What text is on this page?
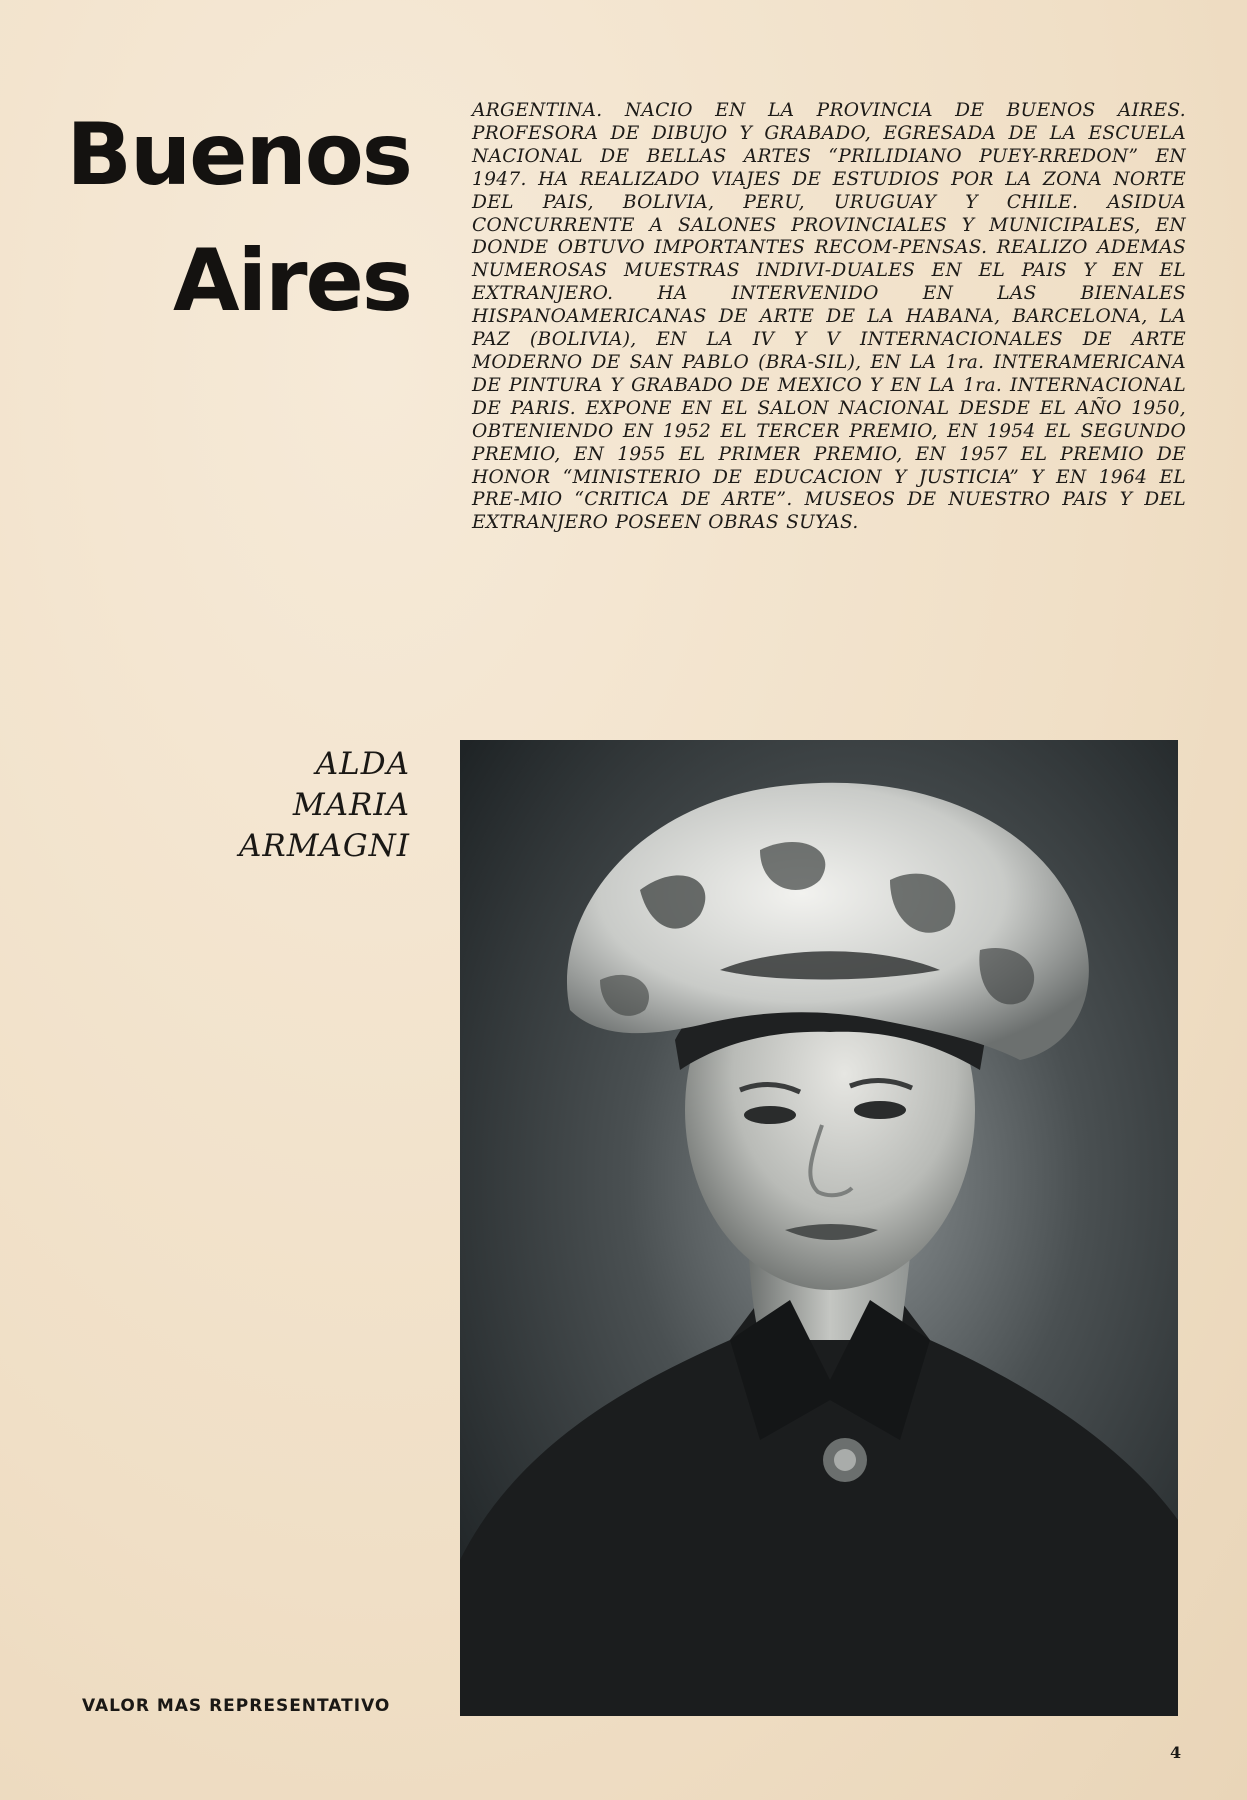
Buenos
Aires

ARGENTINA. NACIO EN LA PROVINCIA DE BUENOS AIRES. PROFESORA DE DIBUJO Y GRABADO, EGRESADA DE LA ESCUELA NACIONAL DE BELLAS ARTES “PRILIDIANO PUEY-RREDON” EN 1947. HA REALIZADO VIAJES DE ESTUDIOS POR LA ZONA NORTE DEL PAIS, BOLIVIA, PERU, URUGUAY Y CHILE. ASIDUA CONCURRENTE A SALONES PROVINCIALES Y MUNICIPALES, EN DONDE OBTUVO IMPORTANTES RECOM-PENSAS. REALIZO ADEMAS NUMEROSAS MUESTRAS INDIVI-DUALES EN EL PAIS Y EN EL EXTRANJERO. HA INTERVENIDO EN LAS BIENALES HISPANOAMERICANAS DE ARTE DE LA HABANA, BARCELONA, LA PAZ (BOLIVIA), EN LA IV Y V INTERNACIONALES DE ARTE MODERNO DE SAN PABLO (BRA-SIL), EN LA 1ra. INTERAMERICANA DE PINTURA Y GRABADO DE MEXICO Y EN LA 1ra. INTERNACIONAL DE PARIS. EXPONE EN EL SALON NACIONAL DESDE EL AÑO 1950, OBTENIENDO EN 1952 EL TERCER PREMIO, EN 1954 EL SEGUNDO PREMIO, EN 1955 EL PRIMER PREMIO, EN 1957 EL PREMIO DE HONOR “MINISTERIO DE EDUCACION Y JUSTICIA” Y EN 1964 EL PRE-MIO “CRITICA DE ARTE”. MUSEOS DE NUESTRO PAIS Y DEL EXTRANJERO POSEEN OBRAS SUYAS.

ALDA
MARIA
ARMAGNI
VALOR MAS REPRESENTATIVO
4
